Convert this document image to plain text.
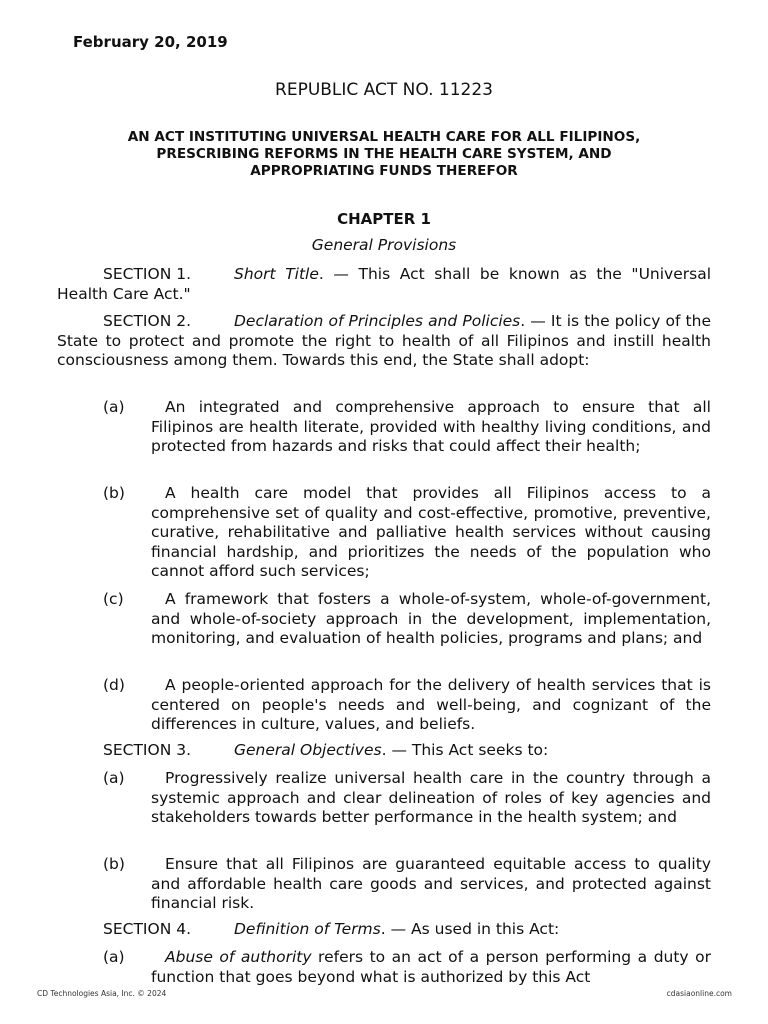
February 20, 2019
REPUBLIC ACT NO. 11223
AN ACT INSTITUTING UNIVERSAL HEALTH CARE FOR ALL FILIPINOS,
PRESCRIBING REFORMS IN THE HEALTH CARE SYSTEM, AND
APPROPRIATING FUNDS THEREFOR
CHAPTER 1
General Provisions
SECTION 1.	Short Title. — This Act shall be known as the "Universal Health Care Act."
SECTION 2.	Declaration of Principles and Policies. — It is the policy of the State to protect and promote the right to health of all Filipinos and instill health consciousness among them. Towards this end, the State shall adopt:
(a)	An integrated and comprehensive approach to ensure that all Filipinos are health literate, provided with healthy living conditions, and protected from hazards and risks that could affect their health;
(b)	A health care model that provides all Filipinos access to a comprehensive set of quality and cost-effective, promotive, preventive, curative, rehabilitative and palliative health services without causing financial hardship, and prioritizes the needs of the population who cannot afford such services;
(c)	A framework that fosters a whole-of-system, whole-of-government, and whole-of-society approach in the development, implementation, monitoring, and evaluation of health policies, programs and plans; and
(d)	A people-oriented approach for the delivery of health services that is centered on people's needs and well-being, and cognizant of the differences in culture, values, and beliefs.
SECTION 3.	General Objectives. — This Act seeks to:
(a)	Progressively realize universal health care in the country through a systemic approach and clear delineation of roles of key agencies and stakeholders towards better performance in the health system; and
(b)	Ensure that all Filipinos are guaranteed equitable access to quality and affordable health care goods and services, and protected against financial risk.
SECTION 4.	Definition of Terms. — As used in this Act:
(a)	Abuse of authority refers to an act of a person performing a duty or function that goes beyond what is authorized by this Act
CD Technologies Asia, Inc. © 2024	cdasiaonline.com
